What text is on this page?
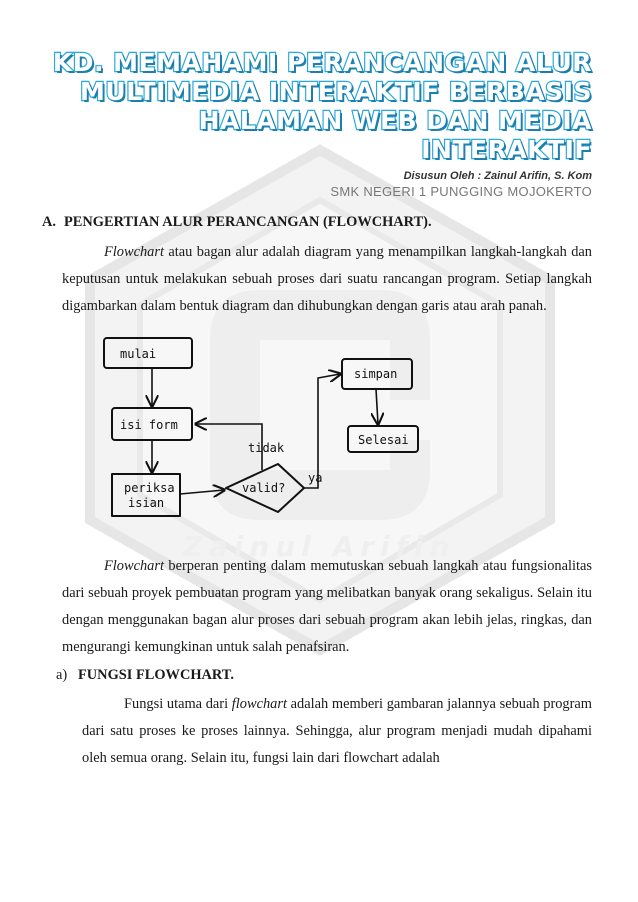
Zainul Arifin
KD. MEMAHAMI PERANCANGAN ALUR
MULTIMEDIA INTERAKTIF BERBASIS
HALAMAN WEB DAN MEDIA INTERAKTIF
Disusun Oleh : Zainul Arifin, S. Kom
SMK NEGERI 1 PUNGGING MOJOKERTO

A. PENGERTIAN ALUR PERANCANGAN (FLOWCHART).

Flowchart atau bagan alur adalah diagram yang menampilkan langkah-langkah dan keputusan untuk melakukan sebuah proses dari suatu rancangan program. Setiap langkah digambarkan dalam bentuk diagram dan dihubungkan dengan garis atau arah panah.

mulai
isi form
periksa
isian
valid?
tidak
ya
simpan
Selesai

Flowchart berperan penting dalam memutuskan sebuah langkah atau fungsionalitas dari sebuah proyek pembuatan program yang melibatkan banyak orang sekaligus. Selain itu dengan menggunakan bagan alur proses dari sebuah program akan lebih jelas, ringkas, dan mengurangi kemungkinan untuk salah penafsiran.

a) FUNGSI FLOWCHART.

Fungsi utama dari flowchart adalah memberi gambaran jalannya sebuah program dari satu proses ke proses lainnya. Sehingga, alur program menjadi mudah dipahami oleh semua orang. Selain itu, fungsi lain dari flowchart adalah
